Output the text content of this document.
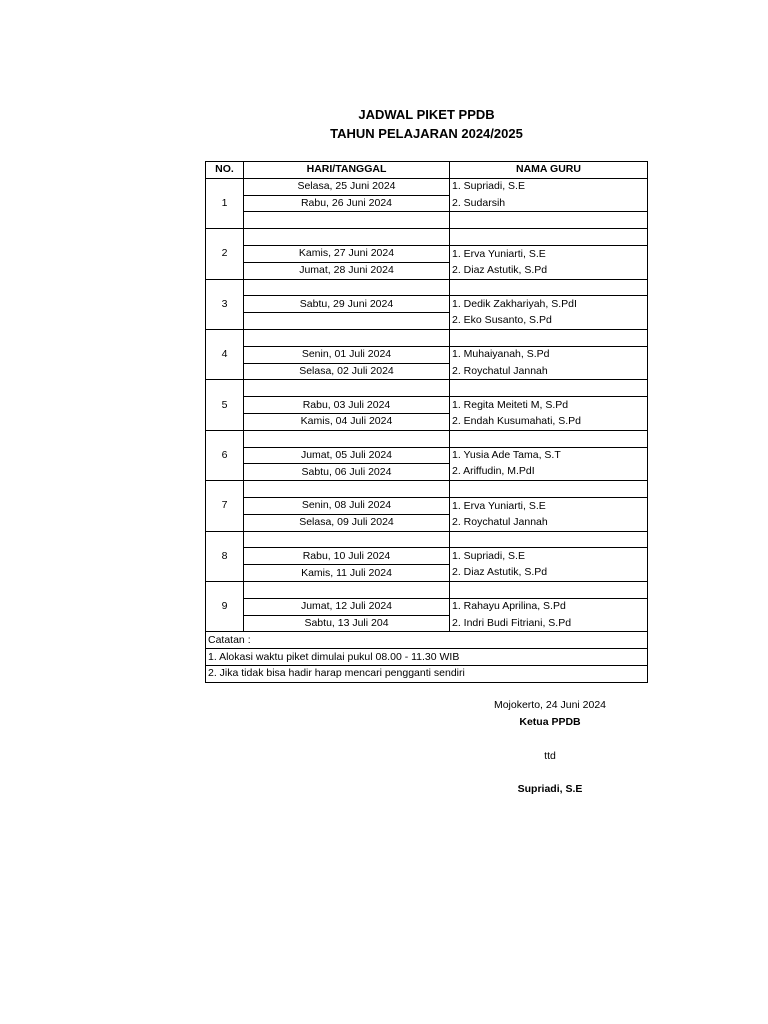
JADWAL PIKET PPDB
TAHUN PELAJARAN 2024/2025
NO.	HARI/TANGGAL	NAMA GURU
1	Selasa, 25 Juni 2024	1. Supriadi, S.E
	Rabu, 26 Juni 2024	2. Sudarsih

2		
	Kamis, 27 Juni 2024	1. Erva Yuniarti, S.E
	Jumat, 28 Juni 2024	2. Diaz Astutik, S.Pd
3		
	Sabtu, 29 Juni 2024	1. Dedik Zakhariyah, S.PdI
		2. Eko Susanto, S.Pd
4		
	Senin, 01 Juli 2024	1. Muhaiyanah, S.Pd
	Selasa, 02 Juli 2024	2. Roychatul Jannah
5		
	Rabu, 03 Juli 2024	1. Regita Meiteti M, S.Pd
	Kamis, 04 Juli 2024	2. Endah Kusumahati, S.Pd
6		
	Jumat, 05 Juli 2024	1. Yusia Ade Tama, S.T
	Sabtu, 06 Juli 2024	2. Ariffudin, M.PdI
7		
	Senin, 08 Juli 2024	1. Erva Yuniarti, S.E
	Selasa, 09 Juli 2024	2. Roychatul Jannah
8		
	Rabu, 10 Juli 2024	1. Supriadi, S.E
	Kamis, 11 Juli 2024	2. Diaz Astutik, S.Pd
9		
	Jumat, 12 Juli 2024	1. Rahayu Aprilina, S.Pd
	Sabtu, 13 Juli 204	2. Indri Budi Fitriani, S.Pd
Catatan :		
1. Alokasi waktu piket dimulai pukul 08.00 - 11.30 WIB		
2. Jika tidak bisa hadir harap mencari pengganti sendiri		
Mojokerto, 24 Juni 2024
Ketua PPDB
ttd
Supriadi, S.E
